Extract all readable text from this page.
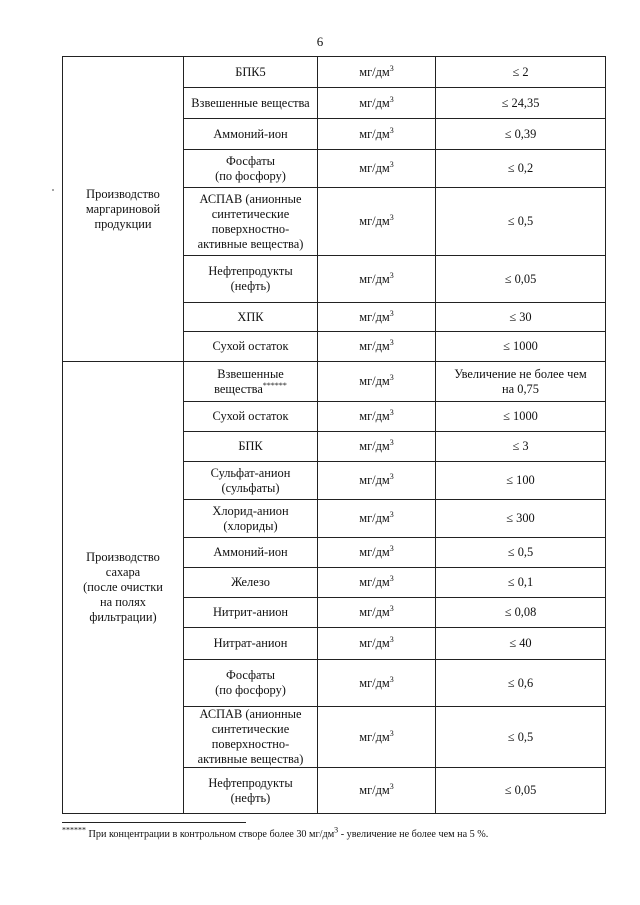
6
Производство маргариновой продукции	БПК5	$мг/дм^3$	≤ 2
	Взвешенные вещества	$мг/дм^3$	≤ 24,35
	Аммоний-ион	$мг/дм^3$	≤ 0,39
	Фосфаты
(по фосфору)	$мг/дм^3$	≤ 0,2
	АСПАВ (анионные
синтетические
поверхностно-
активные вещества)	$мг/дм^3$	≤ 0,5
	Нефтепродукты
(нефть)	$мг/дм^3$	≤ 0,05
	ХПК	$мг/дм^3$	≤ 30
	Сухой остаток	$мг/дм^3$	≤ 1000
Производство
сахара
(после очистки
на полях
фильтрации)	Взвешенные
вещества******	$мг/дм^3$	Увеличение не более чем
на 0,75
	Сухой остаток	$мг/дм^3$	≤ 1000
	БПК	$мг/дм^3$	≤ 3
	Сульфат-анион
(сульфаты)	$мг/дм^3$	≤ 100
	Хлорид-анион
(хлориды)	$мг/дм^3$	≤ 300
	Аммоний-ион	$мг/дм^3$	≤ 0,5
	Железо	$мг/дм^3$	≤ 0,1
	Нитрит-анион	$мг/дм^3$	≤ 0,08
	Нитрат-анион	$мг/дм^3$	≤ 40
	Фосфаты
(по фосфору)	$мг/дм^3$	≤ 0,6
	АСПАВ (анионные
синтетические
поверхностно-
активные вещества)	$мг/дм^3$	≤ 0,5
	Нефтепродукты
(нефть)	$мг/дм^3$	≤ 0,05
****** При концентрации в контрольном створе более 30 $мг/дм^3$ - увеличение не более чем на 5 %.
